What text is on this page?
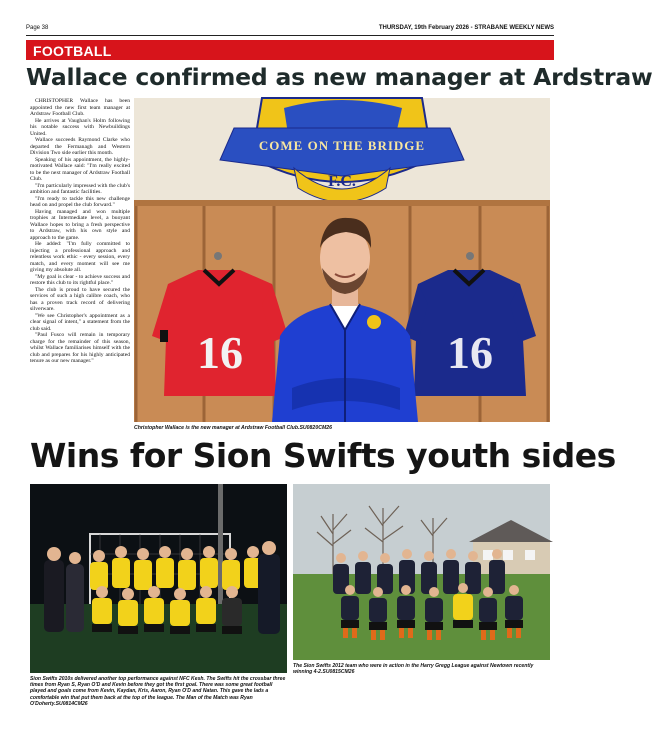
Page 38	THURSDAY, 19th February 2026 - STRABANE WEEKLY NEWS
FOOTBALL
Wallace confirmed as new manager at Ardstraw

CHRISTOPHER Wallace has been appointed the new first team manager at Ardstraw Football Club.

He arrives at Vaughan's Holm following his notable success with Newbuildings United.

Wallace succeeds Raymond Clarke who departed the Fermanagh and Western Division Two side earlier this month.

Speaking of his appointment, the highly-motivated Wallace said: "I'm really excited to be the next manager of Ardstraw Football Club.

"I'm particularly impressed with the club's ambition and fantastic facilities.

"I'm ready to tackle this new challenge head on and propel the club forward."

Having managed and won multiple trophies at Intermediate level, a buoyant Wallace hopes to bring a fresh perspective to Ardstraw, with his own style and approach to the game.

He added: "I'm fully committed to injecting a professional approach and relentless work ethic - every session, every match, and every moment will see me giving my absolute all.

"My goal is clear - to achieve success and restore this club to its rightful place."

The club is proud to have secured the services of such a high calibre coach, who has a proven track record of delivering silverware.

"We see Christopher's appointment as a clear signal of intent," a statement from the club said.

"Paul Fusco will remain in temporary charge for the remainder of this season, whilst Wallace familiarises himself with the club and prepares for his highly anticipated tenure as our new manager."

COME ON THE BRIDGE
F.C.
16	16
Christopher Wallace is the new manager at Ardstraw Football Club.SU0820CM26
Wins for Sion Swifts youth sides
Sion Swifts 2010s delivered another top performance against NFC Kesh. The Swifts hit the crossbar three times from Ryan S, Ryan O'D and Kevin before they got the first goal. There was some great football played and goals come from Kevin, Kaydan, Kris, Aaron, Ryan O'D and Natan. This gave the lads a comfortable win that put them back at the top of the league. The Man of the Match was Ryan O'Doherty.SU0814CM26
The Sion Swifts 2012 team who were in action in the Harry Gregg League against Newtown recently winning 4-2.SU0815CM26
